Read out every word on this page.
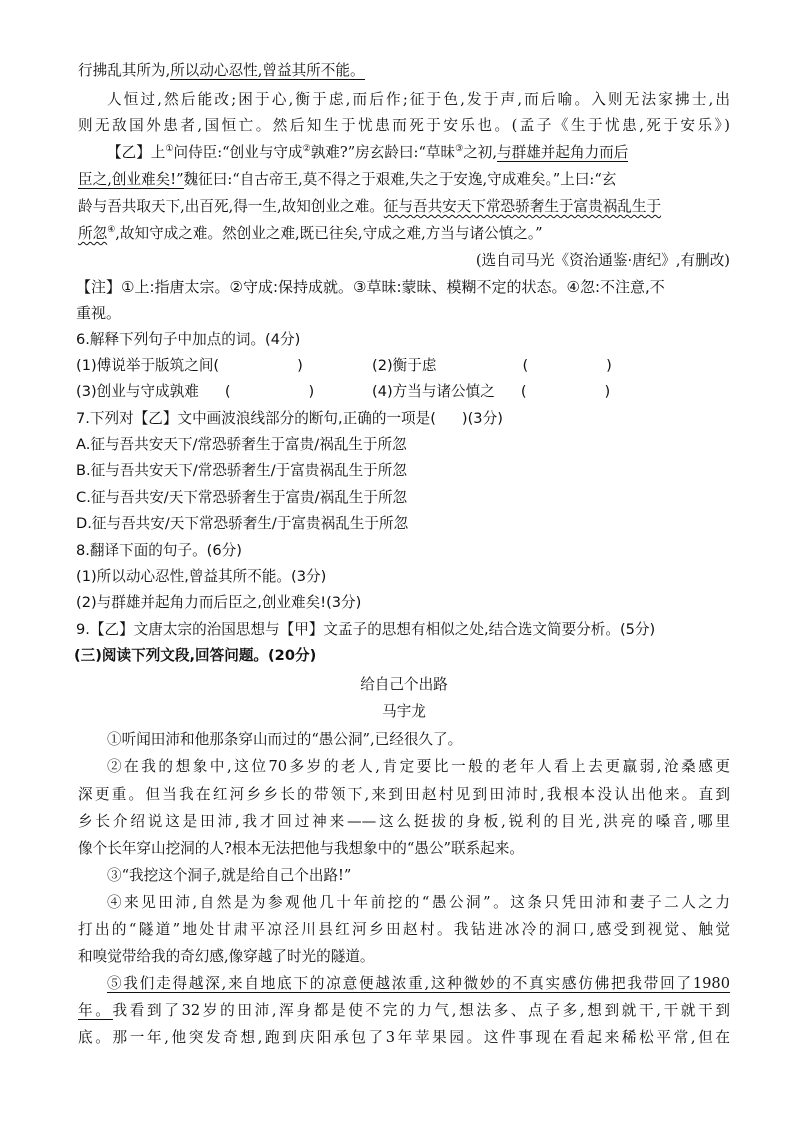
行拂乱其所为,所以动心忍性,曾益其所不能。
人恒过,然后能改;困于心,衡于虑,而后作;征于色,发于声,而后喻。入则无法家拂士,出
则无敌国外患者,国恒亡。然后知生于忧患而死于安乐也。(孟子《生于忧患,死于安乐》)
【乙】上①问侍臣:“创业与守成②孰难?”房玄龄曰:“草昧③之初,与群雄并起角力而后
臣之,创业难矣!”魏征曰:“自古帝王,莫不得之于艰难,失之于安逸,守成难矣。”上曰:“玄
龄与吾共取天下,出百死,得一生,故知创业之难。征与吾共安天下常恐骄奢生于富贵祸乱生于
所忽④,故知守成之难。然创业之难,既已往矣,守成之难,方当与诸公慎之。”
(选自司马光《资治通鉴·唐纪》,有删改)
【注】①上:指唐太宗。②守成:保持成就。③草昧:蒙昧、模糊不定的状态。④忽:不注意,不
重视。
6.解释下列句子中加点的词。(4分)
(1)傅说举于版筑之间(	)	(2)衡于虑	(	)
(3)创业与守成孰难 (	)	(4)方当与诸公慎之 (	)
7.下列对【乙】文中画波浪线部分的断句,正确的一项是( )(3分)
A.征与吾共安天下/常恐骄奢生于富贵/祸乱生于所忽
B.征与吾共安天下/常恐骄奢生/于富贵祸乱生于所忽
C.征与吾共安/天下常恐骄奢生于富贵/祸乱生于所忽
D.征与吾共安/天下常恐骄奢生/于富贵祸乱生于所忽
8.翻译下面的句子。(6分)
(1)所以动心忍性,曾益其所不能。(3分)
(2)与群雄并起角力而后臣之,创业难矣!(3分)
9.【乙】文唐太宗的治国思想与【甲】文孟子的思想有相似之处,结合选文简要分析。(5分)
(三)阅读下列文段,回答问题。(20分)
给自己个出路
马宇龙
①听闻田沛和他那条穿山而过的“愚公洞”,已经很久了。
②在我的想象中,这位70多岁的老人,肯定要比一般的老年人看上去更羸弱,沧桑感更
深更重。但当我在红河乡乡长的带领下,来到田赵村见到田沛时,我根本没认出他来。直到
乡长介绍说这是田沛,我才回过神来——这么挺拔的身板,锐利的目光,洪亮的嗓音,哪里
像个长年穿山挖洞的人?根本无法把他与我想象中的“愚公”联系起来。
③“我挖这个洞子,就是给自己个出路!”
④来见田沛,自然是为参观他几十年前挖的“愚公洞”。这条只凭田沛和妻子二人之力
打出的“隧道”地处甘肃平凉泾川县红河乡田赵村。我钻进冰冷的洞口,感受到视觉、触觉
和嗅觉带给我的奇幻感,像穿越了时光的隧道。
⑤我们走得越深,来自地底下的凉意便越浓重,这种微妙的不真实感仿佛把我带回了1980
年。我看到了32岁的田沛,浑身都是使不完的力气,想法多、点子多,想到就干,干就干到
底。那一年,他突发奇想,跑到庆阳承包了3年苹果园。这件事现在看起来稀松平常,但在
